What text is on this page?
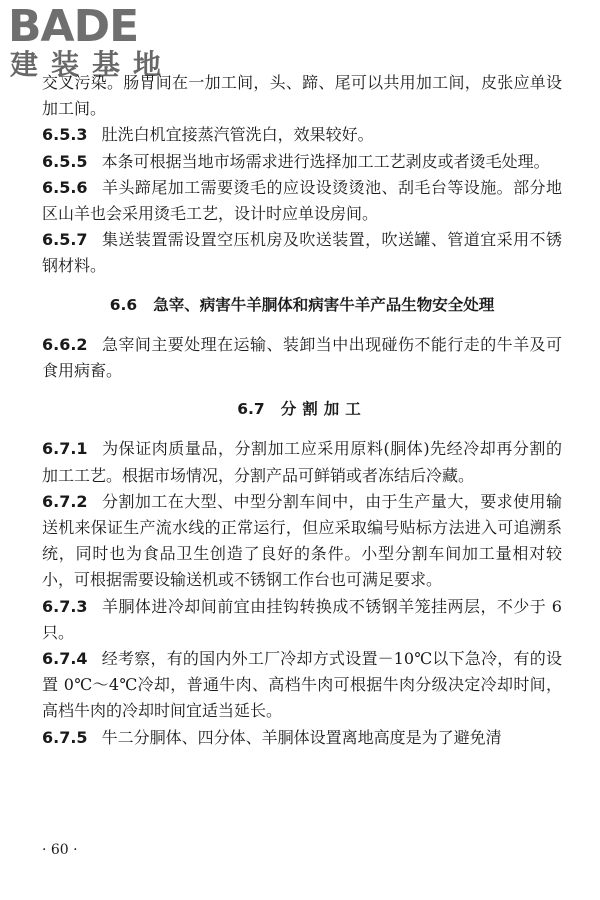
BADE
建装基地

交叉污染。肠胃间在一加工间，头、蹄、尾可以共用加工间，皮张应单设加工间。

6.5.3 肚洗白机宜接蒸汽管洗白，效果较好。

6.5.5 本条可根据当地市场需求进行选择加工工艺剥皮或者烫毛处理。

6.5.6 羊头蹄尾加工需要烫毛的应设设烫烫池、刮毛台等设施。部分地区山羊也会采用烫毛工艺，设计时应单设房间。

6.5.7 集送装置需设置空压机房及吹送装置，吹送罐、管道宜采用不锈钢材料。

6.6 急宰、病害牛羊胴体和病害牛羊产品生物安全处理

6.6.2 急宰间主要处理在运输、装卸当中出现碰伤不能行走的牛羊及可食用病畜。

6.7 分割加工

6.7.1 为保证肉质量品，分割加工应采用原料(胴体)先经冷却再分割的加工工艺。根据市场情况，分割产品可鲜销或者冻结后冷藏。

6.7.2 分割加工在大型、中型分割车间中，由于生产量大，要求使用输送机来保证生产流水线的正常运行，但应采取编号贴标方法进入可追溯系统，同时也为食品卫生创造了良好的条件。小型分割车间加工量相对较小，可根据需要设输送机或不锈钢工作台也可满足要求。

6.7.3 羊胴体进冷却间前宜由挂钩转换成不锈钢羊笼挂两层，不少于 6 只。

6.7.4 经考察，有的国内外工厂冷却方式设置－10℃以下急冷，有的设置 0℃～4℃冷却，普通牛肉、高档牛肉可根据牛肉分级决定冷却时间，高档牛肉的冷却时间宜适当延长。

6.7.5 牛二分胴体、四分体、羊胴体设置离地高度是为了避免清

· 60 ·
